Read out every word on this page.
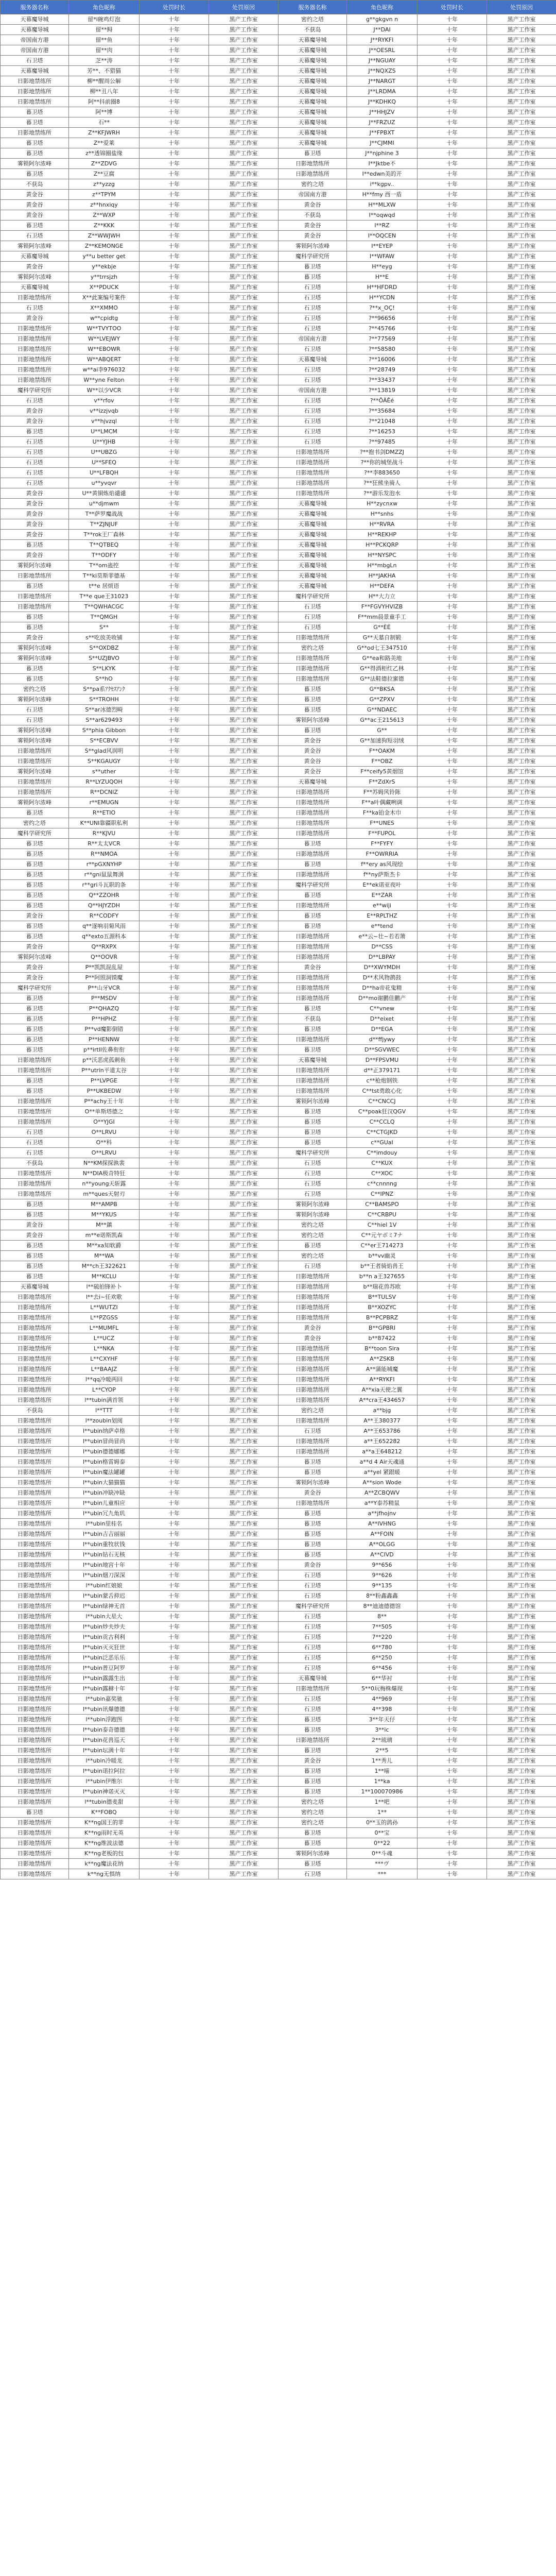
服务器名称	角色昵称	处罚时长	处罚原因	服务器名称	角色昵称	处罚时长	处罚原因
天幕魔导城	留*i碗鸡灯泡	十年	黑产工作室	密约之塔	g**gkgvn n	十年	黑产工作室
天幕魔导城	留**鲟	十年	黑产工作室	不获岛	J**DAI	十年	黑产工作室
帝国南方港	留**鱼	十年	黑产工作室	天幕魔导城	J**RYKFI	十年	黑产工作室
帝国南方港	留**肉	十年	黑产工作室	天幕魔导城	J**OESRL	十年	黑产工作室
石卫塔	芝**涛	十年	黑产工作室	天幕魔导城	J**NGUAY	十年	黑产工作室
天幕魔导城	芳**、不猎猫	十年	黑产工作室	天幕魔导城	J**NQXZS	十年	黑产工作室
日影地禁练所	柳**醒周公解	十年	黑产工作室	天幕魔导城	J**NARGT	十年	黑产工作室
日影地禁练所	柳**丑八年	十年	黑产工作室	天幕魔导城	J**LRDMA	十年	黑产工作室
日影地禁练所	阿**抖前圈8	十年	黑产工作室	天幕魔导城	J**KDHKQ	十年	黑产工作室
暮卫塔	阿**博	十年	黑产工作室	天幕魔导城	J**HHJZV	十年	黑产工作室
暮卫塔	石**	十年	黑产工作室	天幕魔导城	J**FRZUZ	十年	黑产工作室
日影地禁练所	Z**KFJWRH	十年	黑产工作室	天幕魔导城	J**FPBXT	十年	黑产工作室
暮卫塔	Z**爱莱	十年	黑产工作室	天幕魔导城	J**CJMMI	十年	黑产工作室
暮卫塔	z**透锦圈盐缘	十年	黑产工作室	暮卫塔	J**njphine 3	十年	黑产工作室
雾锁阿尔浓峰	Z**ZDVG	十年	黑产工作室	日影地禁练所	I**Jktbe不	十年	黑产工作室
暮卫塔	Z**豆腐	十年	黑产工作室	日影地禁练所	I**edwn美的开	十年	黑产工作室
不获岛	z**yzzg	十年	黑产工作室	密约之塔	i**kgpv..	十年	黑产工作室
黄金谷	z**TPYM	十年	黑产工作室	帝国南方港	H**fmy 西一盾	十年	黑产工作室
黄金谷	z**hnxiqy	十年	黑产工作室	黄金谷	H**MLXW	十年	黑产工作室
黄金谷	Z**WXP	十年	黑产工作室	不获岛	I**oqwqd	十年	黑产工作室
暮卫塔	Z**KKK	十年	黑产工作室	黄金谷	I**RZ	十年	黑产工作室
石卫塔	Z**WWJWH	十年	黑产工作室	黄金谷	I**OQCEN	十年	黑产工作室
雾锁阿尔浓峰	Z**KEMONGE	十年	黑产工作室	雾锁阿尔浓峰	I**EYEP	十年	黑产工作室
天幕魔导城	y**u better get	十年	黑产工作室	魔科学研究所	I**WFAW	十年	黑产工作室
黄金谷	y**ekbje	十年	黑产工作室	暮卫塔	H**eyg	十年	黑产工作室
雾锁阿尔浓峰	y**trrsjzh	十年	黑产工作室	暮卫塔	H**E	十年	黑产工作室
天幕魔导城	X**PDUCK	十年	黑产工作室	石卫塔	H**HFDRD	十年	黑产工作室
日影地禁练所	X**此案编号案件	十年	黑产工作室	石卫塔	H**YCDN	十年	黑产工作室
石卫塔	X**XMMO	十年	黑产工作室	石卫塔	?**x_OÇ!	十年	黑产工作室
黄金谷	w**cpidtg	十年	黑产工作室	石卫塔	?**96656	十年	黑产工作室
日影地禁练所	W**TVYTOO	十年	黑产工作室	石卫塔	?**45766	十年	黑产工作室
日影地禁练所	W**LVEJWY	十年	黑产工作室	帝国南方港	?**77569	十年	黑产工作室
日影地禁练所	W**EBOWR	十年	黑产工作室	石卫塔	?**58580	十年	黑产工作室
日影地禁练所	W**ABQERT	十年	黑产工作室	天幕魔导城	?**16006	十年	黑产工作室
日影地禁练所	w**ai李976032	十年	黑产工作室	石卫塔	?**28749	十年	黑产工作室
日影地禁练所	W**yne Felton	十年	黑产工作室	石卫塔	?**33437	十年	黑产工作室
魔科学研究所	W**以少VCR	十年	黑产工作室	帝国南方港	?**13819	十年	黑产工作室
石卫塔	v**rfov	十年	黑产工作室	石卫塔	?**ÕÄÊé	十年	黑产工作室
黄金谷	v**izzjvqb	十年	黑产工作室	石卫塔	?**35684	十年	黑产工作室
黄金谷	v**hjvzql	十年	黑产工作室	石卫塔	?**21048	十年	黑产工作室
暮卫塔	U**LMCM	十年	黑产工作室	石卫塔	?**16253	十年	黑产工作室
石卫塔	U**YJHB	十年	黑产工作室	石卫塔	?**97485	十年	黑产工作室
石卫塔	U**UBZG	十年	黑产工作室	日影地禁练所	?**抱书剑DMZZJ	十年	黑产工作室
石卫塔	U**SFEQ	十年	黑产工作室	日影地禁练所	?**你的城堡战斗	十年	黑产工作室
石卫塔	U**LFBQH	十年	黑产工作室	日影地禁练所	?**李883650	十年	黑产工作室
石卫塔	u**yvqvr	十年	黑产工作室	日影地禁练所	?**狂熊坐骑人	十年	黑产工作室
黄金谷	U**黄铜炼焰谴谴	十年	黑产工作室	日影地禁练所	?**游乐发泡水	十年	黑产工作室
黄金谷	u**djmwm	十年	黑产工作室	天幕魔导城	H**zycnxw	十年	黑产工作室
黄金谷	T**萨罗魔战战	十年	黑产工作室	天幕魔导城	H**snhs	十年	黑产工作室
黄金谷	T**ZJNJUF	十年	黑产工作室	天幕魔导城	H**RVRA	十年	黑产工作室
黄金谷	T**rok王厂森林	十年	黑产工作室	天幕魔导城	H**REKHP	十年	黑产工作室
暮卫塔	T**QTBEQ	十年	黑产工作室	天幕魔导城	H**PCKQRP	十年	黑产工作室
黄金谷	T**ODFY	十年	黑产工作室	天幕魔导城	H**NYSPC	十年	黑产工作室
雾锁阿尔浓峰	T**om蛊控	十年	黑产工作室	天幕魔导城	H**mbgLn	十年	黑产工作室
日影地禁练所	T**ki莫斯菲德基	十年	黑产工作室	天幕魔导城	H**JAKHA	十年	黑产工作室
暮卫塔	t**e 居烦语	十年	黑产工作室	天幕魔导城	H**DEFA	十年	黑产工作室
日影地禁练所	T**e que王31023	十年	黑产工作室	魔科学研究所	H**大力立	十年	黑产工作室
日影地禁练所	T**QWHACGC	十年	黑产工作室	石卫塔	F**FGVYHVIZB	十年	黑产工作室
暮卫塔	T**QMGH	十年	黑产工作室	石卫塔	F**mm晨景童手工	十年	黑产工作室
暮卫塔	S**	十年	黑产工作室	石卫塔	G**ÈÉ	十年	黑产工作室
黄金谷	s**吃放美收铺	十年	黑产工作室	日影地禁练所	G**天墓自制锻	十年	黑产工作室
雾锁阿尔浓峰	S**OXDBZ	十年	黑产工作室	密约之塔	G**od七王347510	十年	黑产工作室
雾锁阿尔浓峰	S**UZJBVO	十年	黑产工作室	日影地禁练所	G**ea和路美地	十年	黑产工作室
暮卫塔	S**LKYK	十年	黑产工作室	日影地禁练所	G**得酒柜红乙林	十年	黑产工作室
暮卫塔	S**hO	十年	黑产工作室	日影地禁练所	G**法鞋德拉蜜德	十年	黑产工作室
密约之塔	S**pa系ｱｸｾｽｱﾝｸ	十年	黑产工作室	暮卫塔	G**BKSA	十年	黑产工作室
雾锁阿尔浓峰	S**TROHH	十年	黑产工作室	暮卫塔	G**ZPXV	十年	黑产工作室
石卫塔	S**ar冰德烈畸	十年	黑产工作室	暮卫塔	G**NDAEC	十年	黑产工作室
石卫塔	S**ar629493	十年	黑产工作室	雾锁阿尔浓峰	G**ac王215613	十年	黑产工作室
雾锁阿尔浓峰	S**phia Gibbon	十年	黑产工作室	暮卫塔	G**	十年	黑产工作室
雾锁阿尔浓峰	S**ECBVV	十年	黑产工作室	黄金谷	G**加速狗短羽绒	十年	黑产工作室
日影地禁练所	S**glad风润明	十年	黑产工作室	黄金谷	F**OAKM	十年	黑产工作室
日影地禁练所	S**KGAUGY	十年	黑产工作室	黄金谷	F**OBZ	十年	黑产工作室
雾锁阿尔浓峰	s**uther	十年	黑产工作室	黄金谷	F**ceify5黄烟馆	十年	黑产工作室
日影地禁练所	R**LYZUQOH	十年	黑产工作室	天幕魔导城	F**ZdXrS	十年	黑产工作室
日影地禁练所	R**DCNIZ	十年	黑产工作室	日影地禁练所	F**苏姆风铃陈	十年	黑产工作室
雾锁阿尔浓峰	r**EMUGN	十年	黑产工作室	日影地禁练所	F**a叶偶藏咧调	十年	黑产工作室
暮卫塔	R**ETIO	十年	黑产工作室	日影地禁练所	F**ka铂金木巾	十年	黑产工作室
密约之塔	K**UNI靠疆职私利	十年	黑产工作室	日影地禁练所	F**UNES	十年	黑产工作室
魔科学研究所	R**KJVU	十年	黑产工作室	日影地禁练所	F**FUPOL	十年	黑产工作室
暮卫塔	R**太太VCR	十年	黑产工作室	暮卫塔	F**FYFY	十年	黑产工作室
暮卫塔	R**NMOA	十年	黑产工作室	日影地禁练所	F**OWRRIA	十年	黑产工作室
暮卫塔	r**pGXNYHP	十年	黑产工作室	暮卫塔	f**ery as风现绘	十年	黑产工作室
暮卫塔	r**gni鼠鼠舞满	十年	黑产工作室	日影地禁练所	f**ny萨斯杰卡	十年	黑产工作室
暮卫塔	r**gri斗瓦职的条	十年	黑产工作室	魔科学研究所	E**ek诺亚夜叶	十年	黑产工作室
暮卫塔	Q**ZZOHR	十年	黑产工作室	暮卫塔	E**ZAR	十年	黑产工作室
暮卫塔	Q**HJYZDH	十年	黑产工作室	日影地禁练所	e**wiji	十年	黑产工作室
黄金谷	R**CODFY	十年	黑产工作室	暮卫塔	E**RPLTHZ	十年	黑产工作室
暮卫塔	q**逐响羽菊风雨	十年	黑产工作室	暮卫塔	e**tend	十年	黑产工作室
暮卫塔	q**exto五源科本	十年	黑产工作室	日影地禁练所	e**云~壮~若若箫	十年	黑产工作室
黄金谷	Q**RXPX	十年	黑产工作室	日影地禁练所	D**CSS	十年	黑产工作室
雾锁阿尔浓峰	Q**OOVR	十年	黑产工作室	日影地禁练所	D**LBPAY	十年	黑产工作室
黄金谷	P**凯凯混乱屋	十年	黑产工作室	黄金谷	D**XWYMDH	十年	黑产工作室
黄金谷	P**阿照洞馍魔	十年	黑产工作室	日影地禁练所	D**术风物鹊鼓	十年	黑产工作室
魔科学研究所	P**山牙VCR	十年	黑产工作室	日影地禁练所	D**ha帝花鬼精	十年	黑产工作室
暮卫塔	P**MSDV	十年	黑产工作室	日影地禁练所	D**mo谢鹏佳鹏产	十年	黑产工作室
暮卫塔	P**QHAZQ	十年	黑产工作室	暮卫塔	C**vnew	十年	黑产工作室
暮卫塔	P**HPHZ	十年	黑产工作室	不获岛	D**eixet	十年	黑产工作室
暮卫塔	P**vd魔影倒错	十年	黑产工作室	暮卫塔	D**EGA	十年	黑产工作室
暮卫塔	P**HENNW	十年	黑产工作室	日影地禁练所	d**ffjywy	十年	黑产工作室
暮卫塔	p**irtll佐鼻衔衔	十年	黑产工作室	暮卫塔	D**SGVWEC	十年	黑产工作室
日影地禁练所	p**沃恶虎孤刺鱼	十年	黑产工作室	天幕魔导城	D**FPSVMU	十年	黑产工作室
日影地禁练所	P**utrin平道太谷	十年	黑产工作室	日影地禁练所	d**正379171	十年	黑产工作室
暮卫塔	P**LVPGE	十年	黑产工作室	日影地禁练所	c**枪炮钢铁	十年	黑产工作室
暮卫塔	P**UKBEDW	十年	黑产工作室	日影地禁练所	C**tst勇敢心化	十年	黑产工作室
日影地禁练所	P**achy王十年	十年	黑产工作室	雾锁阿尔浓峰	C**CNCCJ	十年	黑产工作室
日影地禁练所	O**单斯塔德之	十年	黑产工作室	暮卫塔	C**poak狂汉QGV	十年	黑产工作室
日影地禁练所	O**YJGI	十年	黑产工作室	暮卫塔	C**CCLQ	十年	黑产工作室
石卫塔	O**LRVU	十年	黑产工作室	暮卫塔	C**CTGJKD	十年	黑产工作室
石卫塔	O**科	十年	黑产工作室	暮卫塔	c**GUaI	十年	黑产工作室
石卫塔	O**LRVU	十年	黑产工作室	魔科学研究所	C**imdouy	十年	黑产工作室
不获岛	N**KM探探孰裴	十年	黑产工作室	石卫塔	C**KUX	十年	黑产工作室
日影地禁练所	N**DIA极奇特狂	十年	黑产工作室	石卫塔	C**XOC	十年	黑产工作室
日影地禁练所	n**young天斩露	十年	黑产工作室	石卫塔	c**cnnnng	十年	黑产工作室
日影地禁练所	m**ques天射刃	十年	黑产工作室	石卫塔	C**IPNZ	十年	黑产工作室
暮卫塔	M**AMPB	十年	黑产工作室	雾锁阿尔浓峰	C**BAMSPO	十年	黑产工作室
暮卫塔	M**YKUS	十年	黑产工作室	雾锁阿尔浓峰	C**CRBPU	十年	黑产工作室
黄金谷	M**鎮	十年	黑产工作室	密约之塔	C**hiel 1V	十年	黑产工作室
黄金谷	m**e诺斯凯森	十年	黑产工作室	密约之塔	C**元ヤボミ7ナ	十年	黑产工作室
暮卫塔	M**xa知软爵	十年	黑产工作室	暮卫塔	C**er王714273	十年	黑产工作室
暮卫塔	M**WA	十年	黑产工作室	密约之塔	b**vv幽灵	十年	黑产工作室
暮卫塔	M**ch王322621	十年	黑产工作室	石卫塔	b**王者骑焰兽王	十年	黑产工作室
暮卫塔	M**KCLU	十年	黑产工作室	日影地禁练所	b**n a王327655	十年	黑产工作室
天幕魔导城	l**硫拍锋补卜	十年	黑产工作室	日影地禁练所	b**瑞花兽苏欧	十年	黑产工作室
日影地禁练所	l**去i~任欢歌	十年	黑产工作室	日影地禁练所	B**TULSV	十年	黑产工作室
日影地禁练所	L**WUTZI	十年	黑产工作室	日影地禁练所	B**XOZYC	十年	黑产工作室
日影地禁练所	L**PZGSS	十年	黑产工作室	日影地禁练所	B**PCPBRZ	十年	黑产工作室
日影地禁练所	L**MUMFL	十年	黑产工作室	黄金谷	B**GPBRI	十年	黑产工作室
日影地禁练所	L**UCZ	十年	黑产工作室	黄金谷	b**87422	十年	黑产工作室
日影地禁练所	L**NKA	十年	黑产工作室	日影地禁练所	B**toon Sira	十年	黑产工作室
日影地禁练所	L**CXYHF	十年	黑产工作室	日影地禁练所	A**ZSKB	十年	黑产工作室
日影地禁练所	L**BAAJZ	十年	黑产工作室	日影地禁练所	A**蒲能城魔	十年	黑产工作室
日影地禁练所	l**qq冷暖两回	十年	黑产工作室	日影地禁练所	A**RYKFI	十年	黑产工作室
日影地禁练所	L**CYOP	十年	黑产工作室	日影地禁练所	A**xia天使之翼	十年	黑产工作室
日影地禁练所	l**tubin满首领	十年	黑产工作室	日影地禁练所	A**cra王434657	十年	黑产工作室
不获岛	l**TTT	十年	黑产工作室	密约之塔	a**bjg	十年	黑产工作室
日影地禁练所	l**zoubin划阅	十年	黑产工作室	日影地禁练所	A**王380377	十年	黑产工作室
日影地禁练所	l**ubin纳萨卓格	十年	黑产工作室	石卫塔	A**王653786	十年	黑产工作室
日影地禁练所	l**ubin冒尚冒尚	十年	黑产工作室	日影地禁练所	a**王652282	十年	黑产工作室
日影地禁练所	l**ubin德德娜娜	十年	黑产工作室	日影地禁练所	a**a王648212	十年	黑产工作室
日影地禁练所	l**ubin格雷姆泰	十年	黑产工作室	暮卫塔	a**d 4 Air天魂通	十年	黑产工作室
日影地禁练所	l**ubin魔法罐罐	十年	黑产工作室	暮卫塔	a**yel 紧跟暖	十年	黑产工作室
日影地禁练所	l**ubin大猫猫猫	十年	黑产工作室	雾锁阿尔浓峰	A**sion Wode	十年	黑产工作室
日影地禁练所	l**ubin冲缺冲缺	十年	黑产工作室	黄金谷	A**ZCBQWV	十年	黑产工作室
日影地禁练所	l**ubin儿童相应	十年	黑产工作室	日影地禁练所	a**Y泰苏精鼠	十年	黑产工作室
日影地禁练所	l**ubin冗九角玑	十年	黑产工作室	暮卫塔	a**jfhojnv	十年	黑产工作室
日影地禁练所	l**ubin里桂名	十年	黑产工作室	暮卫塔	A**IVHNG	十年	黑产工作室
日影地禁练所	l**ubin吉吉丽丽	十年	黑产工作室	暮卫塔	A**FOIN	十年	黑产工作室
日影地禁练所	l**ubin重牧状钱	十年	黑产工作室	暮卫塔	A**OLGG	十年	黑产工作室
日影地禁练所	l**ubin钻石无核	十年	黑产工作室	暮卫塔	A**CIVD	十年	黑产工作室
日影地禁练所	l**ubin地宫十年	十年	黑产工作室	黄金谷	9**656	十年	黑产工作室
日影地禁练所	l**ubin烟刀深深	十年	黑产工作室	石卫塔	9**626	十年	黑产工作室
日影地禁练所	l**ubin红娘娘	十年	黑产工作室	石卫塔	9**135	十年	黑产工作室
日影地禁练所	l**ubin蒙舌抑迟	十年	黑产工作室	石卫塔	8**粉鑫鑫鑫	十年	黑产工作室
日影地禁练所	l**ubin绿神无首	十年	黑产工作室	魔科学研究所	8**迪迪德德馆	十年	黑产工作室
日影地禁练所	l**ubin大星大	十年	黑产工作室	石卫塔	8**	十年	黑产工作室
日影地禁练所	l**ubin炒夫炒夫	十年	黑产工作室	石卫塔	7**505	十年	黑产工作室
日影地禁练所	l**ubin贡古利利	十年	黑产工作室	石卫塔	7**220	十年	黑产工作室
日影地禁练所	l**ubin灭灭狂世	十年	黑产工作室	石卫塔	6**780	十年	黑产工作室
日影地禁练所	l**ubin泛恶乐乐	十年	黑产工作室	石卫塔	6**250	十年	黑产工作室
日影地禁练所	l**ubin普豆阿罗	十年	黑产工作室	石卫塔	6**456	十年	黑产工作室
日影地禁练所	l**ubin露露生出	十年	黑产工作室	天幕魔导城	6**华衬	十年	黑产工作室
日影地禁练所	l**ubin露赫十年	十年	黑产工作室	日影地禁练所	5**0玩梅株爆现	十年	黑产工作室
日影地禁练所	l**ubin嘉奖驰	十年	黑产工作室	石卫塔	4**969	十年	黑产工作室
日影地禁练所	l**ubin讯爆德德	十年	黑产工作室	石卫塔	4**398	十年	黑产工作室
日影地禁练所	l**ubin浮跑图	十年	黑产工作室	暮卫塔	3**年天仔	十年	黑产工作室
日影地禁练所	l**ubin泰奇德德	十年	黑产工作室	暮卫塔	3**ic	十年	黑产工作室
日影地禁练所	l**ubin花兽巡天	十年	黑产工作室	日影地禁练所	2**琉璃	十年	黑产工作室
日影地禁练所	l**ubin坛满十年	十年	黑产工作室	暮卫塔	2**5	十年	黑产工作室
日影地禁练所	l**ubin冷暖龙	十年	黑产工作室	黄金谷	1**秀儿	十年	黑产工作室
日影地禁练所	l**ubin诺拉阿拉	十年	黑产工作室	暮卫塔	1**喵	十年	黑产工作室
日影地禁练所	l**ubin伊维尔	十年	黑产工作室	暮卫塔	1**ka	十年	黑产工作室
日影地禁练所	l**ubin神诺灭灭	十年	黑产工作室	暮卫塔	1**100070986	十年	黑产工作室
日影地禁练所	l**tubin德麦甜	十年	黑产工作室	密约之塔	1**吧	十年	黑产工作室
暮卫塔	K**FOBQ	十年	黑产工作室	密约之塔	1**	十年	黑产工作室
日影地禁练所	K**ng国王的菲	十年	黑产工作室	密约之塔	0**玉的鸽孙	十年	黑产工作室
日影地禁练所	K**ng雨时无英	十年	黑产工作室	暮卫塔	0**宝	十年	黑产工作室
日影地禁练所	K**ng维波法德	十年	黑产工作室	暮卫塔	0**22	十年	黑产工作室
日影地禁练所	K**ng老板的包	十年	黑产工作室	雾锁阿尔浓峰	0**斗魂	十年	黑产工作室
日影地禁练所	k**ng魔法花纳	十年	黑产工作室	暮卫塔	***ヴ	十年	黑产工作室
日影地禁练所	k**ng无惧纳	十年	黑产工作室	石卫塔	***	十年	黑产工作室
